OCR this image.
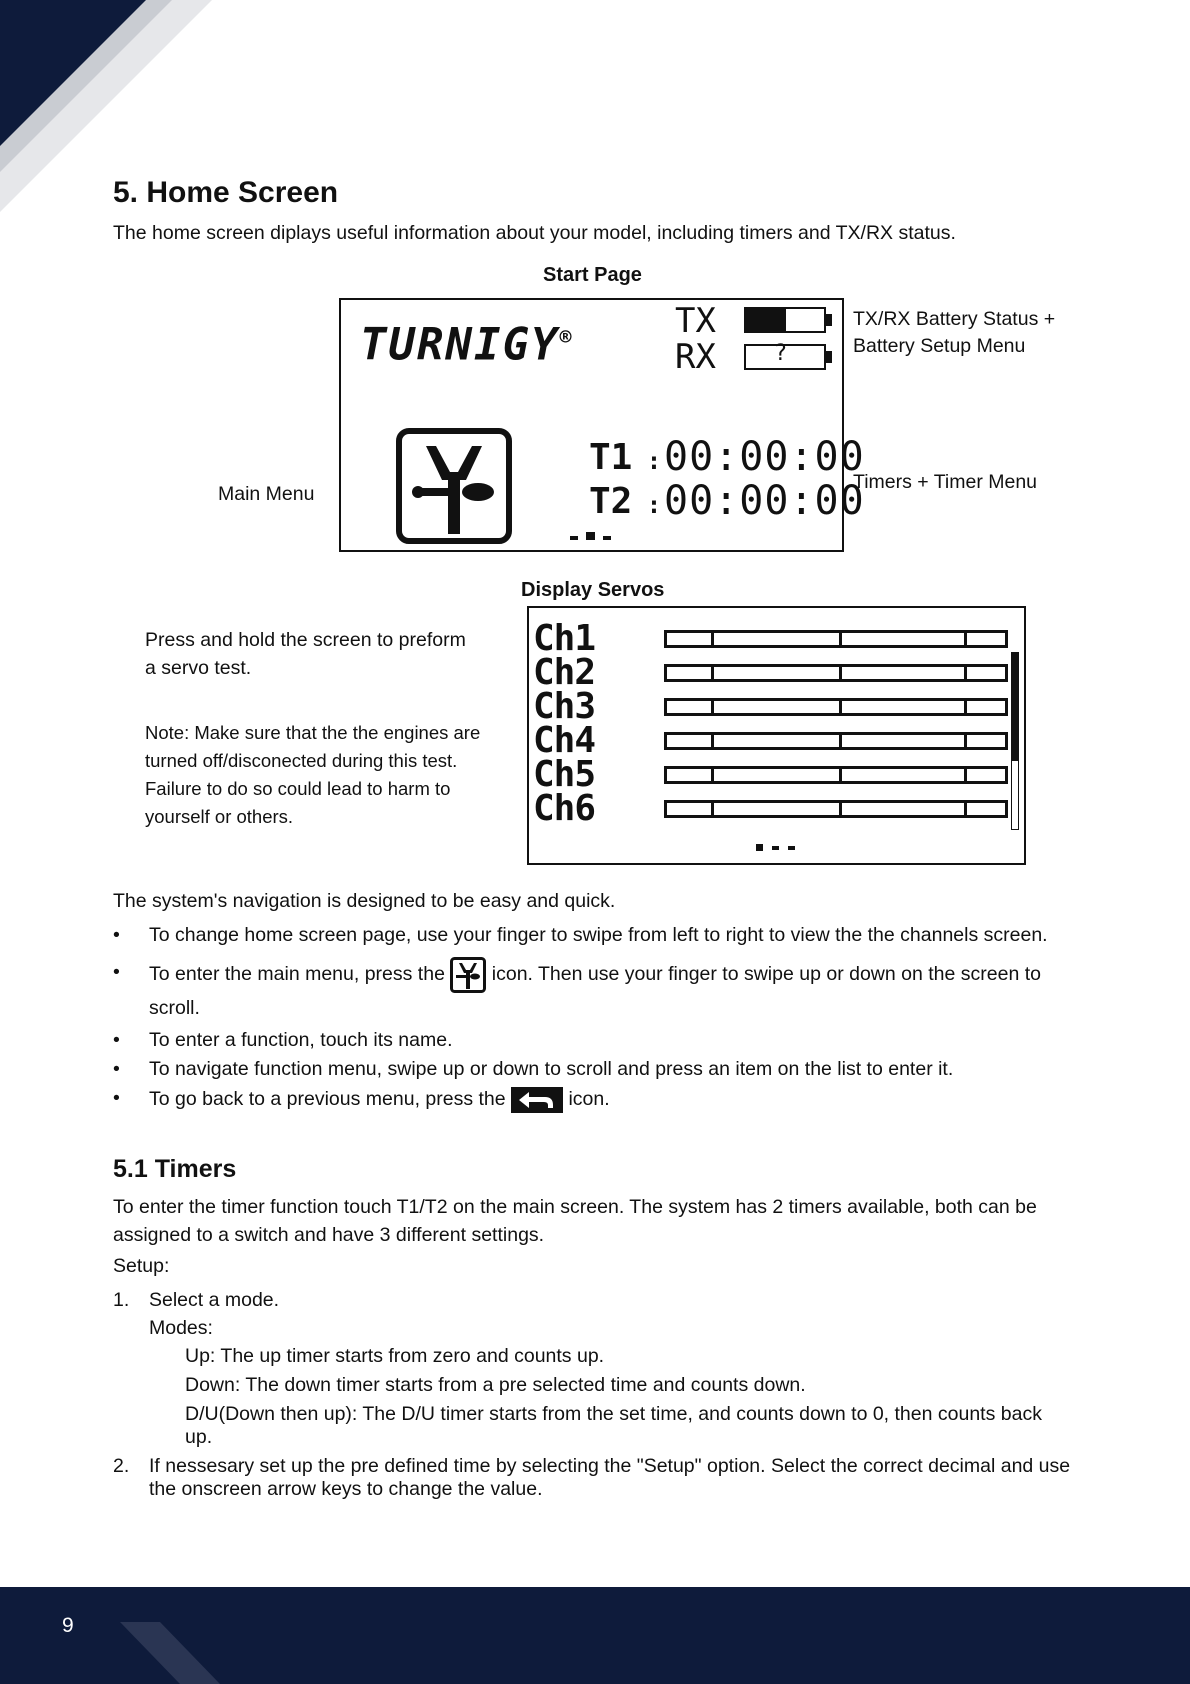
5. Home Screen
The home screen diplays useful information about your model, including timers and TX/RX status.
Start Page
TURNIGY®	TX
RX	?
T1 : 00:00:00
T2 : 00:00:00
TX/RX Battery Status +
Battery Setup Menu
Timers + Timer Menu
Main Menu
Display Servos
Ch1
Ch2
Ch3
Ch4
Ch5
Ch6
Press and hold the screen to preform
a servo test.
Note: Make sure that the the engines are
turned off/disconected during this test.
Failure to do so could lead to harm to
yourself or others.
The system's navigation is designed to be easy and quick.
• To change home screen page, use your finger to swipe from left to right to view the the channels screen.
• To enter the main menu, press the icon. Then use your finger to swipe up or down on the screen to scroll.
• To enter a function, touch its name.
• To navigate function menu, swipe up or down to scroll and press an item on the list to enter it.
• To go back to a previous menu, press the	icon.
5.1 Timers
To enter the timer function touch T1/T2 on the main screen. The system has 2 timers available, both can be assigned to a switch and have 3 different settings.
Setup:
1. Select a mode.
Modes:
Up: The up timer starts from zero and counts up.
Down: The down timer starts from a pre selected time and counts down.
D/U(Down then up): The D/U timer starts from the set time, and counts down to 0, then counts back up.
2. If nessesary set up the pre defined time by selecting the "Setup" option. Select the correct decimal and use the onscreen arrow keys to change the value.
9
